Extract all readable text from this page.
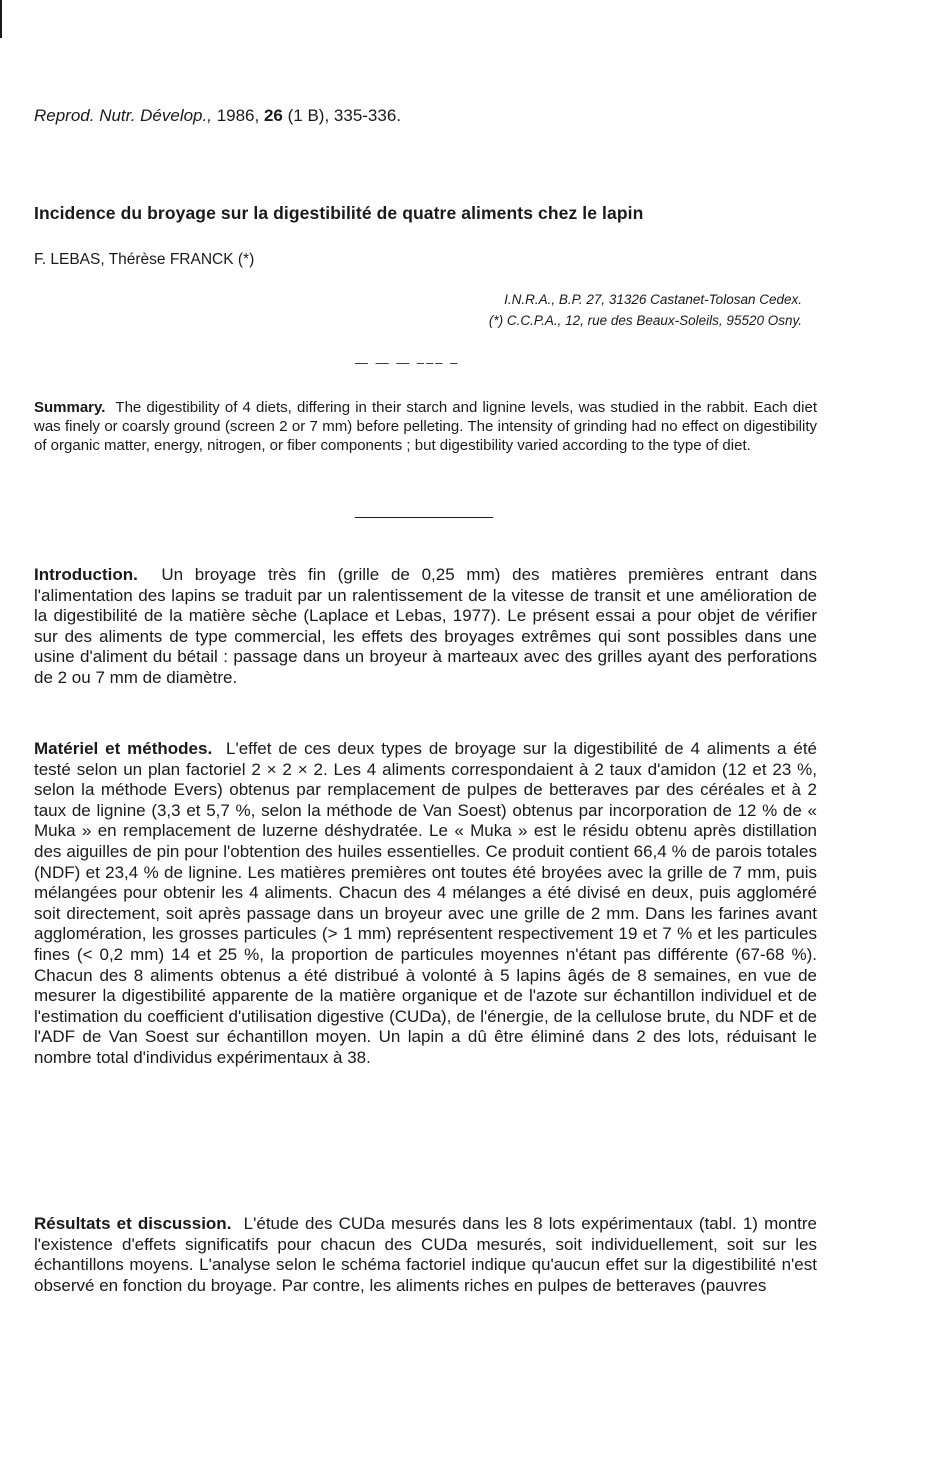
Reprod. Nutr. Dévelop., 1986, 26 (1 B), 335-336.
Incidence du broyage sur la digestibilité de quatre aliments chez le lapin
F. LEBAS, Thérèse FRANCK (*)
I.N.R.A., B.P. 27, 31326 Castanet-Tolosan Cedex.
(*) C.C.P.A., 12, rue des Beaux-Soleils, 95520 Osny.
— — — ––– –

Summary. The digestibility of 4 diets, differing in their starch and lignine levels, was studied in the rabbit. Each diet was finely or coarsly ground (screen 2 or 7 mm) before pelleting. The intensity of grinding had no effect on digestibility of organic matter, energy, nitrogen, or fiber components ; but digestibility varied according to the type of diet.

Introduction. Un broyage très fin (grille de 0,25 mm) des matières premières entrant dans l'alimentation des lapins se traduit par un ralentissement de la vitesse de transit et une amélioration de la digestibilité de la matière sèche (Laplace et Lebas, 1977). Le présent essai a pour objet de vérifier sur des aliments de type commercial, les effets des broyages extrêmes qui sont possibles dans une usine d'aliment du bétail : passage dans un broyeur à marteaux avec des grilles ayant des perforations de 2 ou 7 mm de diamètre.

Matériel et méthodes. L'effet de ces deux types de broyage sur la digestibilité de 4 aliments a été testé selon un plan factoriel 2 × 2 × 2. Les 4 aliments correspondaient à 2 taux d'amidon (12 et 23 %, selon la méthode Evers) obtenus par remplacement de pulpes de betteraves par des céréales et à 2 taux de lignine (3,3 et 5,7 %, selon la méthode de Van Soest) obtenus par incorporation de 12 % de « Muka » en remplacement de luzerne déshydratée. Le « Muka » est le résidu obtenu après distillation des aiguilles de pin pour l'obtention des huiles essentielles. Ce produit contient 66,4 % de parois totales (NDF) et 23,4 % de lignine. Les matières premières ont toutes été broyées avec la grille de 7 mm, puis mélangées pour obtenir les 4 aliments. Chacun des 4 mélanges a été divisé en deux, puis aggloméré soit directement, soit après passage dans un broyeur avec une grille de 2 mm. Dans les farines avant agglomération, les grosses particules (> 1 mm) représentent respectivement 19 et 7 % et les particules fines (< 0,2 mm) 14 et 25 %, la proportion de particules moyennes n'étant pas différente (67-68 %). Chacun des 8 aliments obtenus a été distribué à volonté à 5 lapins âgés de 8 semaines, en vue de mesurer la digestibilité apparente de la matière organique et de l'azote sur échantillon individuel et de l'estimation du coefficient d'utilisation digestive (CUDa), de l'énergie, de la cellulose brute, du NDF et de l'ADF de Van Soest sur échantillon moyen. Un lapin a dû être éliminé dans 2 des lots, réduisant le nombre total d'individus expérimentaux à 38.

Résultats et discussion. L'étude des CUDa mesurés dans les 8 lots expérimentaux (tabl. 1) montre l'existence d'effets significatifs pour chacun des CUDa mesurés, soit individuellement, soit sur les échantillons moyens. L'analyse selon le schéma factoriel indique qu'aucun effet sur la digestibilité n'est observé en fonction du broyage. Par contre, les aliments riches en pulpes de betteraves (pauvres
